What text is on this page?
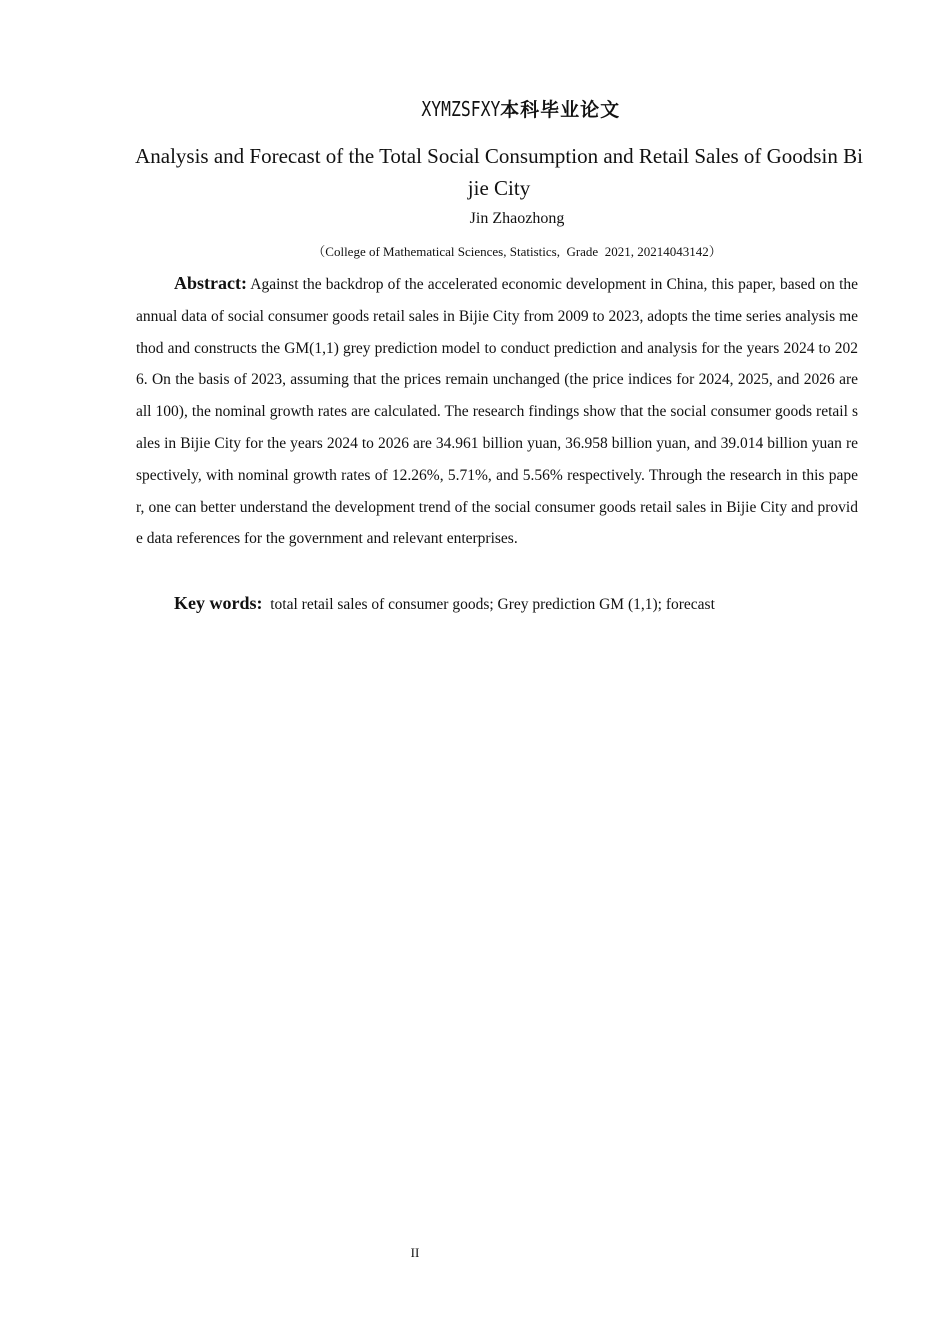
XYMZSFXY本科毕业论文
Analysis and Forecast of the Total Social Consumption and Retail Sales of Goodsin Bijie City
Jin Zhaozhong
（College of Mathematical Sciences, Statistics,  Grade  2021, 20214043142）

Abstract: Against the backdrop of the accelerated economic development in China, this paper, based on the annual data of social consumer goods retail sales in Bijie City from 2009 to 2023, adopts the time series analysis method and constructs the GM(1,1) grey prediction model to conduct prediction and analysis for the years 2024 to 2026. On the basis of 2023, assuming that the prices remain unchanged (the price indices for 2024, 2025, and 2026 are all 100), the nominal growth rates are calculated. The research findings show that the social consumer goods retail sales in Bijie City for the years 2024 to 2026 are 34.961 billion yuan, 36.958 billion yuan, and 39.014 billion yuan respectively, with nominal growth rates of 12.26%, 5.71%, and 5.56% respectively. Through the research in this paper, one can better understand the development trend of the social consumer goods retail sales in Bijie City and provide data references for the government and relevant enterprises.

Key words:  total retail sales of consumer goods; Grey prediction GM (1,1); forecast

II
